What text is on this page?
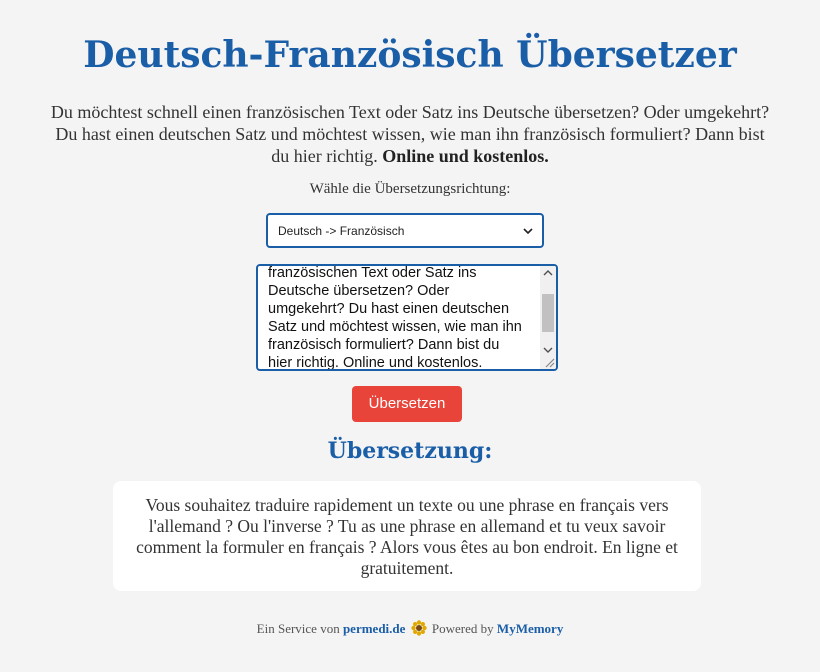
Deutsch-Französisch Übersetzer

Du möchtest schnell einen französischen Text oder Satz ins Deutsche übersetzen? Oder umgekehrt? Du hast einen deutschen Satz und möchtest wissen, wie man ihn französisch formuliert? Dann bist du hier richtig. Online und kostenlos.

Wähle die Übersetzungsrichtung:
Deutsch -> Französisch
französischen Text oder Satz ins
Deutsche übersetzen? Oder
umgekehrt? Du hast einen deutschen
Satz und möchtest wissen, wie man ihn
französisch formuliert? Dann bist du
hier richtig. Online und kostenlos.
Übersetzen
Übersetzung:
Vous souhaitez traduire rapidement un texte ou une phrase en français vers l'allemand ? Ou l'inverse ? Tu as une phrase en allemand et tu veux savoir comment la formuler en français ? Alors vous êtes au bon endroit. En ligne et gratuitement.
Ein Service von permedi.de Powered by MyMemory
